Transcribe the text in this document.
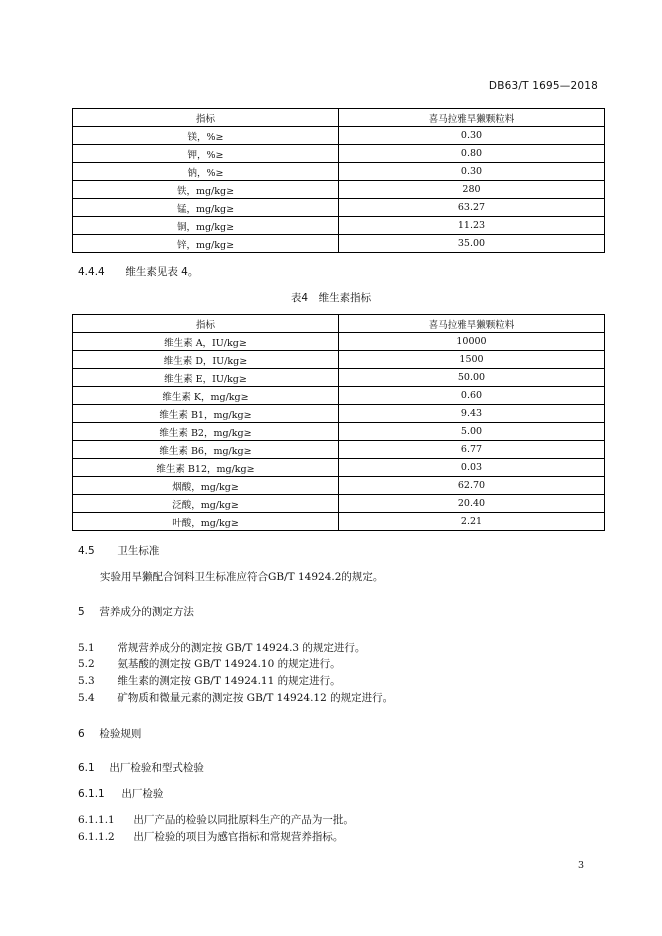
DB63/T 1695—2018
指标	喜马拉雅旱獭颗粒料
镁，%≥	0.30
钾，%≥	0.80
钠，%≥	0.30
铁，mg/kg≥	280
锰，mg/kg≥	63.27
铜，mg/kg≥	11.23
锌，mg/kg≥	35.00
4.4.4 维生素见表 4。
表4　维生素指标
指标	喜马拉雅旱獭颗粒料
维生素 A，IU/kg≥	10000
维生素 D，IU/kg≥	1500
维生素 E，IU/kg≥	50.00
维生素 K，mg/kg≥	0.60
维生素 B1，mg/kg≥	9.43
维生素 B2，mg/kg≥	5.00
维生素 B6，mg/kg≥	6.77
维生素 B12，mg/kg≥	0.03
烟酸，mg/kg≥	62.70
泛酸，mg/kg≥	20.40
叶酸，mg/kg≥	2.21
4.5 卫生标准
实验用旱獭配合饲料卫生标准应符合GB/T 14924.2的规定。
5 营养成分的测定方法
5.1 常规营养成分的测定按 GB/T 14924.3 的规定进行。
5.2 氨基酸的测定按 GB/T 14924.10 的规定进行。
5.3 维生素的测定按 GB/T 14924.11 的规定进行。
5.4 矿物质和微量元素的测定按 GB/T 14924.12 的规定进行。
6 检验规则
6.1 出厂检验和型式检验
6.1.1 出厂检验
6.1.1.1 出厂产品的检验以同批原料生产的产品为一批。
6.1.1.2 出厂检验的项目为感官指标和常规营养指标。
3
